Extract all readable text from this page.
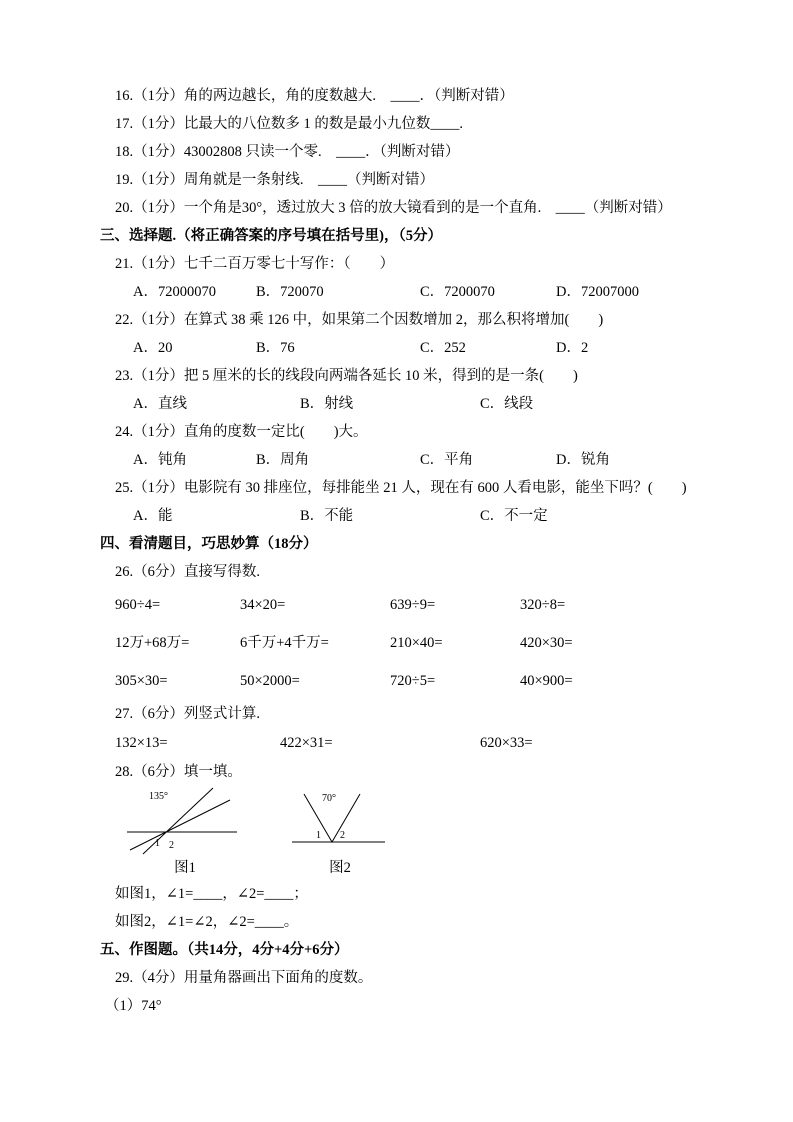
16.（1分）角的两边越长，角的度数越大.　____．（判断对错）
17.（1分）比最大的八位数多 1 的数是最小九位数____.
18.（1分）43002808 只读一个零.　____．（判断对错）
19.（1分）周角就是一条射线.　____（判断对错）
20.（1分）一个角是30°，透过放大 3 倍的放大镜看到的是一个直角.　____（判断对错）
三、选择题.（将正确答案的序号填在括号里)，（5分）
21.（1分）七千二百万零七十写作：（　　）
A．72000070	B．720070	C．7200070	D．72007000
22.（1分）在算式 38 乘 126 中，如果第二个因数增加 2，那么积将增加(　　)
A．20	B．76	C．252	D．2
23.（1分）把 5 厘米的长的线段向两端各延长 10 米，得到的是一条(　　)
A．直线	B．射线	C．线段
24.（1分）直角的度数一定比(　　)大。
A．钝角	B．周角	C．平角	D．锐角
25.（1分）电影院有 30 排座位，每排能坐 21 人，现在有 600 人看电影，能坐下吗？(　　)
A．能	B．不能	C．不一定
四、看清题目，巧思妙算（18分）
26.（6分）直接写得数.
960÷4=	34×20=	639÷9=	320÷8=
12万+68万=	6千万+4千万=	210×40=	420×30=
305×30=	50×2000=	720÷5=	40×900=
27.（6分）列竖式计算.
132×13=	422×31=	620×33=
28.（6分）填一填。
135°
1 2
图1
70°
1 2
图2
如图1，∠1=____，∠2=____；
如图2，∠1=∠2，∠2=____。
五、作图题。（共14分，4分+4分+6分）
29.（4分）用量角器画出下面角的度数。
（1）74°
